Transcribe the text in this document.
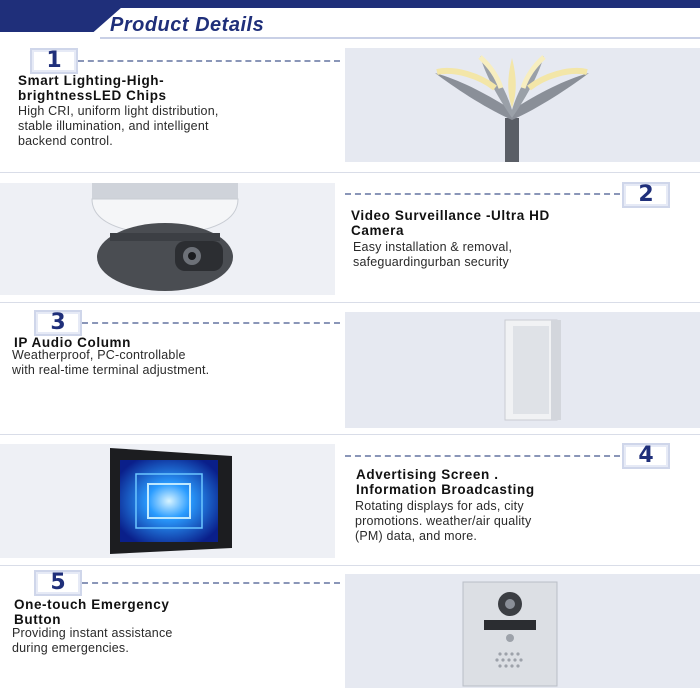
Product Details
1
Smart Lighting-High-
brightnessLED Chips
High CRI, uniform light distribution,
stable illumination, and intelligent
backend control.
2
Video Surveillance -Ultra HD
Camera
Easy installation & removal,
safeguardingurban security
3
IP Audio Column
Weatherproof, PC-controllable
with real-time terminal adjustment.
4
Advertising Screen .
Information Broadcasting
Rotating displays for ads, city
promotions. weather/air quality
(PM) data, and more.
5
One-touch Emergency
Button
Providing instant assistance
during emergencies.
